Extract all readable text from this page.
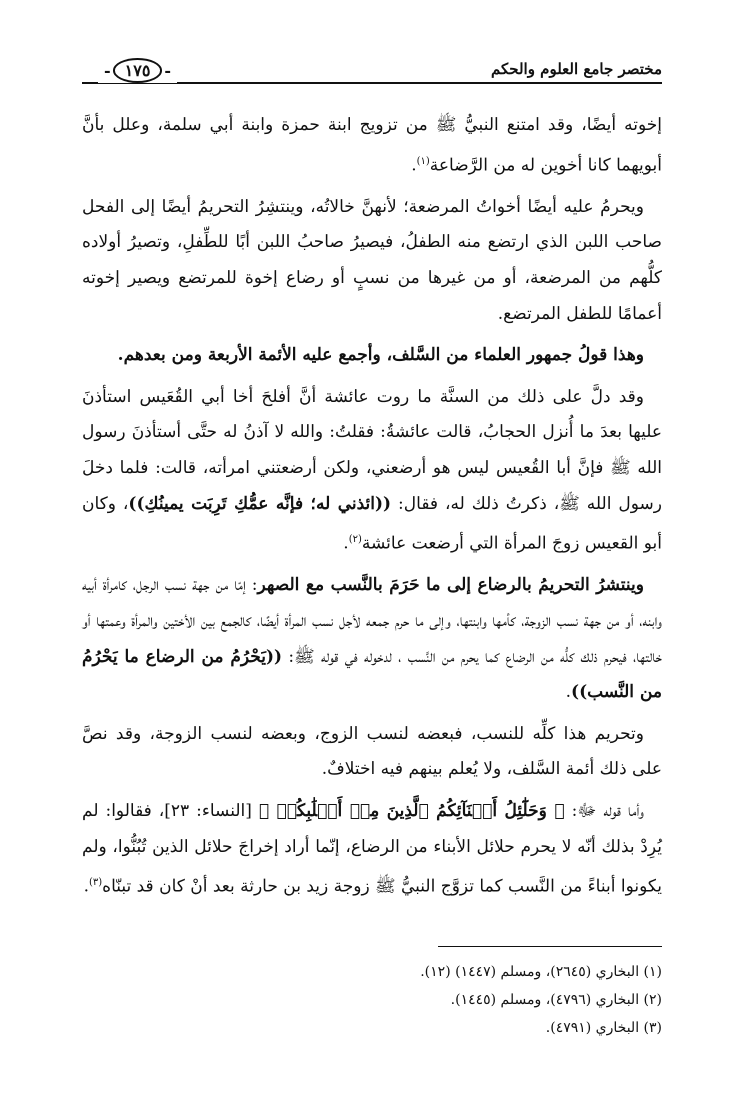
مختصر جامع العلوم والحكم
- ١٧٥ -

إخوته أيضًا، وقد امتنع النبيُّ ﷺ من تزويج ابنة حمزة وابنة أبي سلمة، وعلل بأنَّ أبويهما كانا أخوين له من الرَّضاعة$^{(١)}$.

ويحرمُ عليه أيضًا أخواتُ المرضعة؛ لأنهنَّ خالاتُه، وينتشِرُ التحريمُ أيضًا إلى الفحل صاحب اللبن الذي ارتضع منه الطفلُ، فيصيرُ صاحبُ اللبن أبًا للطِّفلِ، وتصيرُ أولاده كلُّهم من المرضعة، أو من غيرها من نسبٍ أو رضاع إخوة للمرتضع ويصير إخوته أعمامًا للطفل المرتضع.

وهذا قولُ جمهور العلماء من السَّلف، وأجمع عليه الأئمة الأربعة ومن بعدهم.

وقد دلَّ على ذلك من السنَّة ما روت عائشة أنَّ أفلحَ أخا أبي القُعَيس استأذنَ عليها بعدَ ما أُنزل الحجابُ، قالت عائشةُ: فقلتُ: والله لا آذنُ له حتَّى أستأذنَ رسول الله ﷺ فإنَّ أبا القُعيس ليس هو أرضعني، ولكن أرضعتني امرأته، قالت: فلما دخلَ رسول الله ﷺ، ذكرتُ ذلك له، فقال: ((ائذني له؛ فإنَّه عمُّكِ تَرِبَت يمينُكِ))، وكان أبو القعيس زوجَ المرأة التي أرضعت عائشة$^{(٢)}$.

وينتشرُ التحريمُ بالرضاع إلى ما حَرَمَ بالنَّسب مع الصهر: إمّا من جهة نسب الرجل، كامرأة أبيه وابنه، أو من جهة نسب الزوجة، كأمها وابنتها، وإلى ما حرم جمعه لأجل نسب المرأة أيضًا، كالجمع بين الأختين والمرأة وعمتها أو خالتها، فيحرم ذلك كلُّه من الرضاع كما يحرم من النَّسب ، لدخوله في قوله ﷺ: ((يَحْرُمُ من الرضاع ما يَحْرُمُ من النَّسب)).

وتحريم هذا كلِّه للنسب، فبعضه لنسب الزوج، وبعضه لنسب الزوجة، وقد نصَّ على ذلك أئمة السَّلف، ولا يُعلم بينهم فيه اختلافٌ.

وأما قوله ﷻ: ﴿ وَحَلَٰٓئِلُ أَبۡنَآئِكُمُ ٱلَّذِينَ مِنۡ أَصۡلَٰبِكُمۡ ﴾ [النساء: ٢٣]، فقالوا: لم يُرِدْ بذلك أنّه لا يحرم حلائل الأبناء من الرضاع، إنّما أراد إخراجَ حلائل الذين تُبُنُّوا، ولم يكونوا أبناءً من النَّسب كما تزوَّج النبيُّ ﷺ زوجة زيد بن حارثة بعد أنْ كان قد تبنّاه$^{(٣)}$.

(١) البخاري (٢٦٤٥)، ومسلم (١٤٤٧) (١٢).
(٢) البخاري (٤٧٩٦)، ومسلم (١٤٤٥).
(٣) البخاري (٤٧٩١).
